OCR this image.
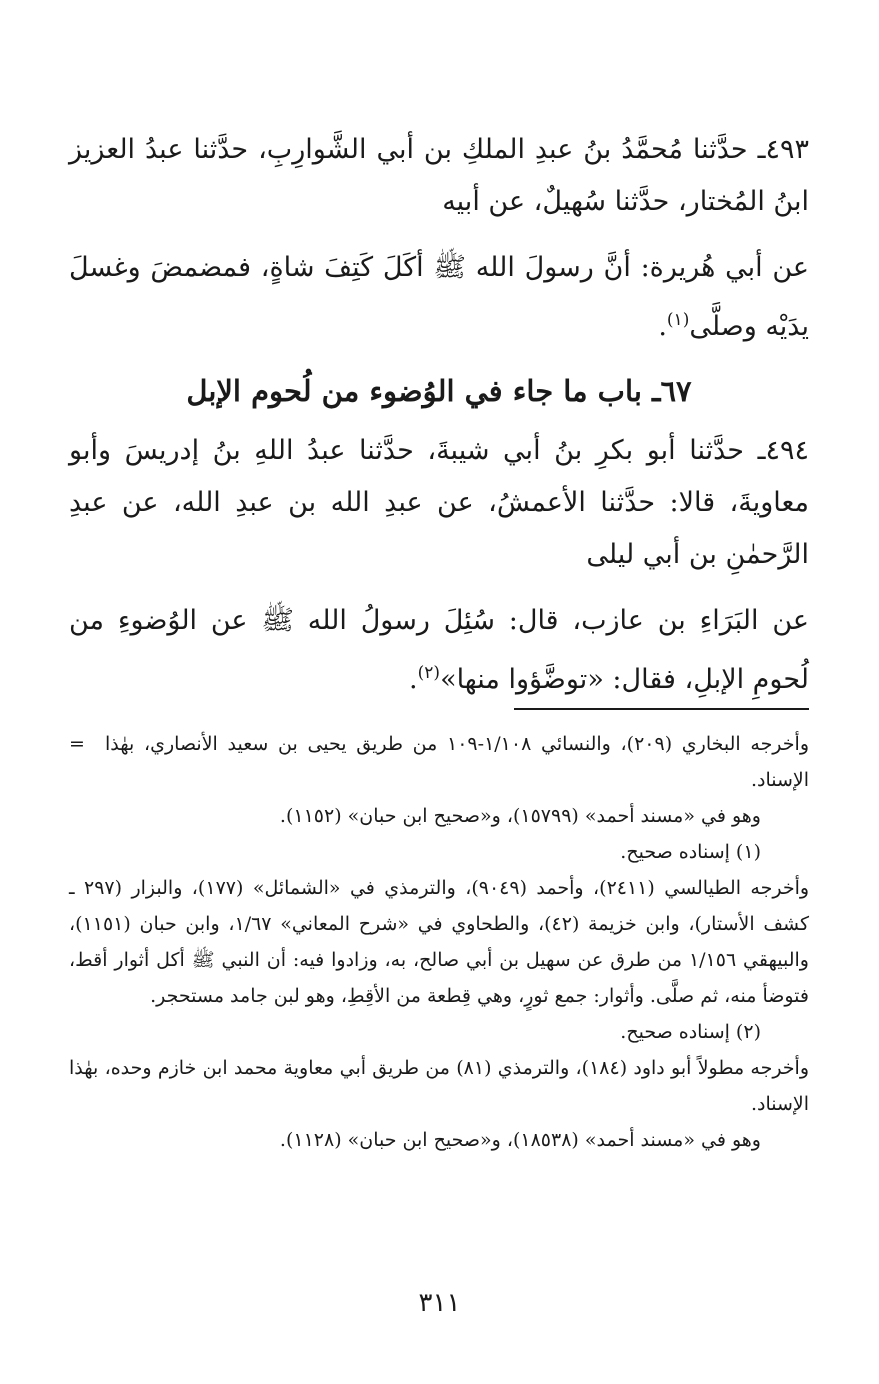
٤٩٣ـ حدَّثنا مُحمَّدُ بنُ عبدِ الملكِ بن أبي الشَّوارِبِ، حدَّثنا عبدُ العزيز ابنُ المُختار، حدَّثنا سُهيلٌ، عن أبيه

عن أبي هُريرة: أنَّ رسولَ الله ﷺ أكَلَ كَتِفَ شاةٍ، فمضمضَ وغسلَ يدَيْه وصلَّى$^{(١)}$.

٦٧ـ باب ما جاء في الوُضوء من لُحوم الإبل

٤٩٤ـ حدَّثنا أبو بكرِ بنُ أبي شيبةَ، حدَّثنا عبدُ اللهِ بنُ إدريسَ وأبو معاويةَ، قالا: حدَّثنا الأعمشُ، عن عبدِ الله بن عبدِ الله، عن عبدِ الرَّحمٰنِ بن أبي ليلى

عن البَرَاءِ بن عازب، قال: سُئِلَ رسولُ الله ﷺ عن الوُضوءِ من لُحومِ الإبلِ، فقال: «توضَّؤوا منها»$^{(٢)}$.

=	وأخرجه البخاري (٢٠٩)، والنسائي ١/١٠٨-١٠٩ من طريق يحيى بن سعيد الأنصاري، بهٰذا الإسناد.

وهو في «مسند أحمد» (١٥٧٩٩)، و«صحيح ابن حبان» (١١٥٢).

(١) إسناده صحيح.

وأخرجه الطيالسي (٢٤١١)، وأحمد (٩٠٤٩)، والترمذي في «الشمائل» (١٧٧)، والبزار (٢٩٧ ـ كشف الأستار)، وابن خزيمة (٤٢)، والطحاوي في «شرح المعاني» ١/٦٧، وابن حبان (١١٥١)، والبيهقي ١/١٥٦ من طرق عن سهيل بن أبي صالح، به، وزادوا فيه: أن النبي ﷺ أكل أثوار أقط، فتوضأ منه، ثم صلَّى. وأثوار: جمع ثورٍ، وهي قِطعة من الأقِطِ، وهو لبن جامد مستحجر.

(٢) إسناده صحيح.

وأخرجه مطولاً أبو داود (١٨٤)، والترمذي (٨١) من طريق أبي معاوية محمد ابن خازم وحده، بهٰذا الإسناد.

وهو في «مسند أحمد» (١٨٥٣٨)، و«صحيح ابن حبان» (١١٢٨).

٣١١
